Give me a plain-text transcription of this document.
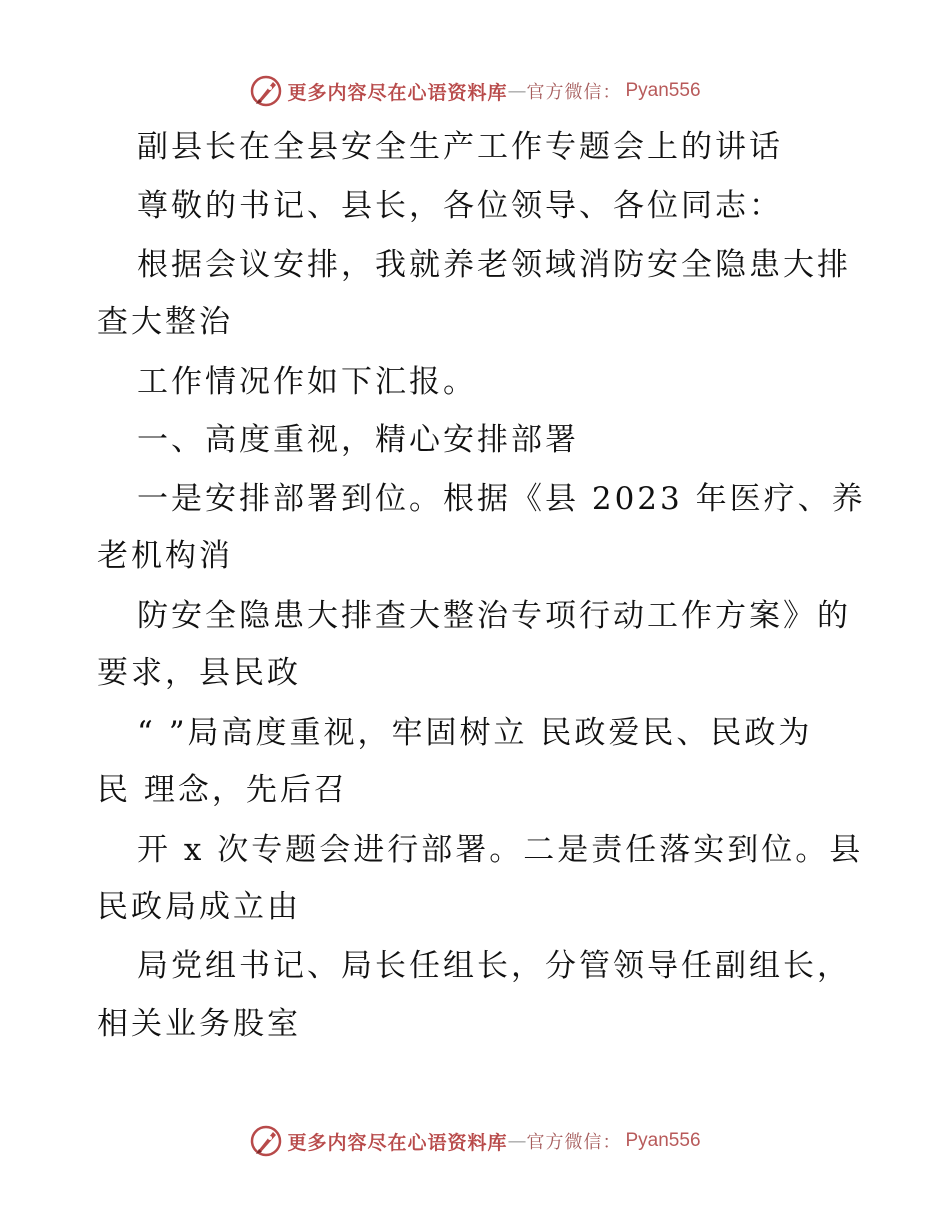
更多内容尽在心语资料库 — 官方微信： Pyan556
副县长在全县安全生产工作专题会上的讲话
尊敬的书记、县长，各位领导、各位同志：
根据会议安排，我就养老领域消防安全隐患大排
查大整治
工作情况作如下汇报。
一、高度重视，精心安排部署
一是安排部署到位。根据《县 2023 年医疗、养
老机构消
防安全隐患大排查大整治专项行动工作方案》的
要求，县民政
“ ”局高度重视，牢固树立 民政爱民、民政为
民 理念，先后召
开 x 次专题会进行部署。二是责任落实到位。县
民政局成立由
局党组书记、局长任组长，分管领导任副组长，
相关业务股室
更多内容尽在心语资料库 — 官方微信： Pyan556
